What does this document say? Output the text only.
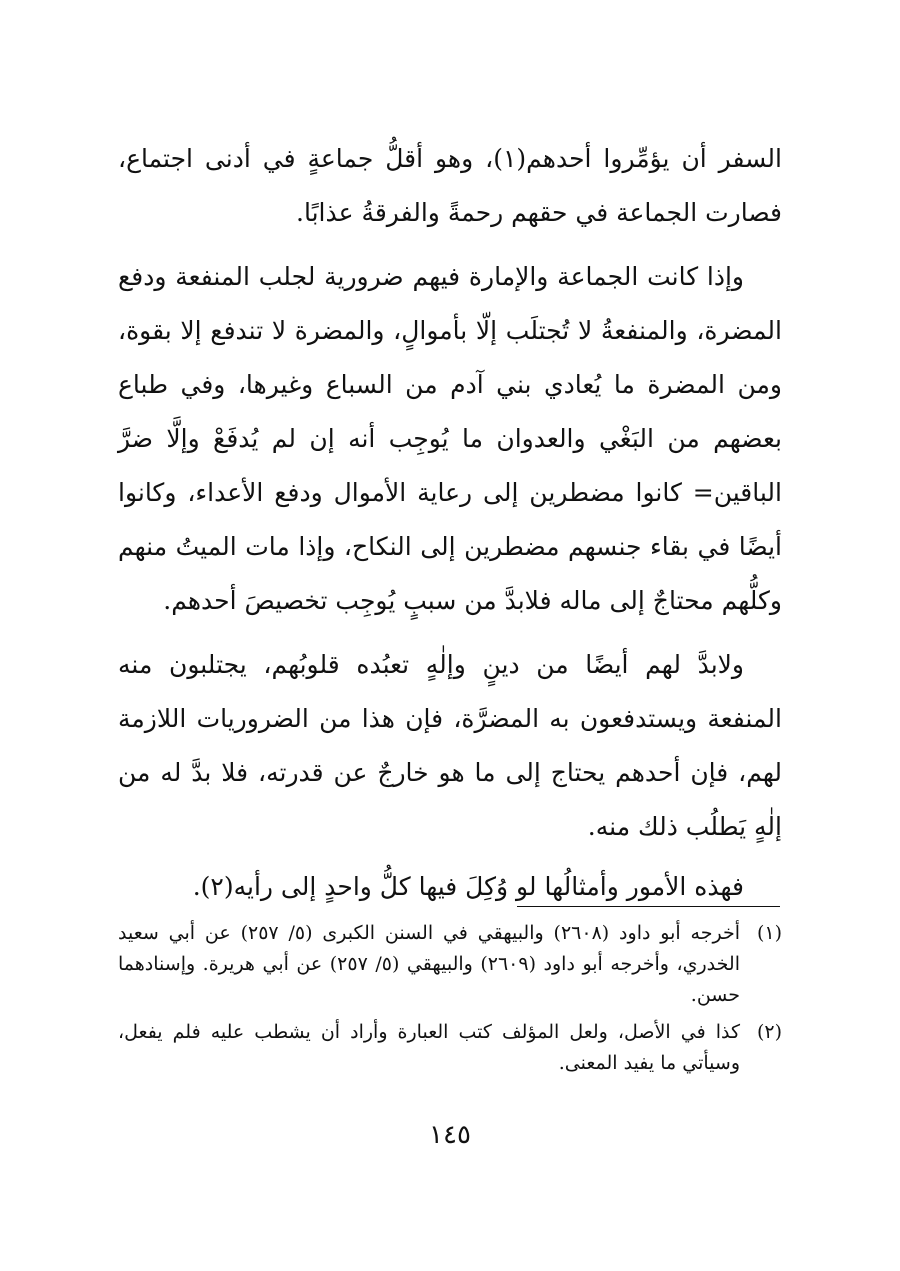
السفر أن يؤمِّروا أحدهم(١)، وهو أقلُّ جماعةٍ في أدنى اجتماع، فصارت الجماعة في حقهم رحمةً والفرقةُ عذابًا.

وإذا كانت الجماعة والإمارة فيهم ضرورية لجلب المنفعة ودفع المضرة، والمنفعةُ لا تُجتلَب إلّا بأموالٍ، والمضرة لا تندفع إلا بقوة، ومن المضرة ما يُعادي بني آدم من السباع وغيرها، وفي طباع بعضهم من البَغْي والعدوان ما يُوجِب أنه إن لم يُدفَعْ وإلَّا ضرَّ الباقين= كانوا مضطرين إلى رعاية الأموال ودفع الأعداء، وكانوا أيضًا في بقاء جنسهم مضطرين إلى النكاح، وإذا مات الميتُ منهم وكلُّهم محتاجٌ إلى ماله فلابدَّ من سببٍ يُوجِب تخصيصَ أحدهم.

ولابدَّ لهم أيضًا من دينٍ وإلٰهٍ تعبُده قلوبُهم، يجتلبون منه المنفعة ويستدفعون به المضرَّة، فإن هذا من الضروريات اللازمة لهم، فإن أحدهم يحتاج إلى ما هو خارجٌ عن قدرته، فلا بدَّ له من إلٰهٍ يَطلُب ذلك منه.

فهذه الأمور وأمثالُها لو وُكِلَ فيها كلُّ واحدٍ إلى رأيه(٢).

(١)
أخرجه أبو داود (٢٦٠٨) والبيهقي في السنن الكبرى (٥/ ٢٥٧) عن أبي سعيد الخدري، وأخرجه أبو داود (٢٦٠٩) والبيهقي (٥/ ٢٥٧) عن أبي هريرة. وإسنادهما حسن.
(٢)
كذا في الأصل، ولعل المؤلف كتب العبارة وأراد أن يشطب عليه فلم يفعل، وسيأتي ما يفيد المعنى.
١٤٥
